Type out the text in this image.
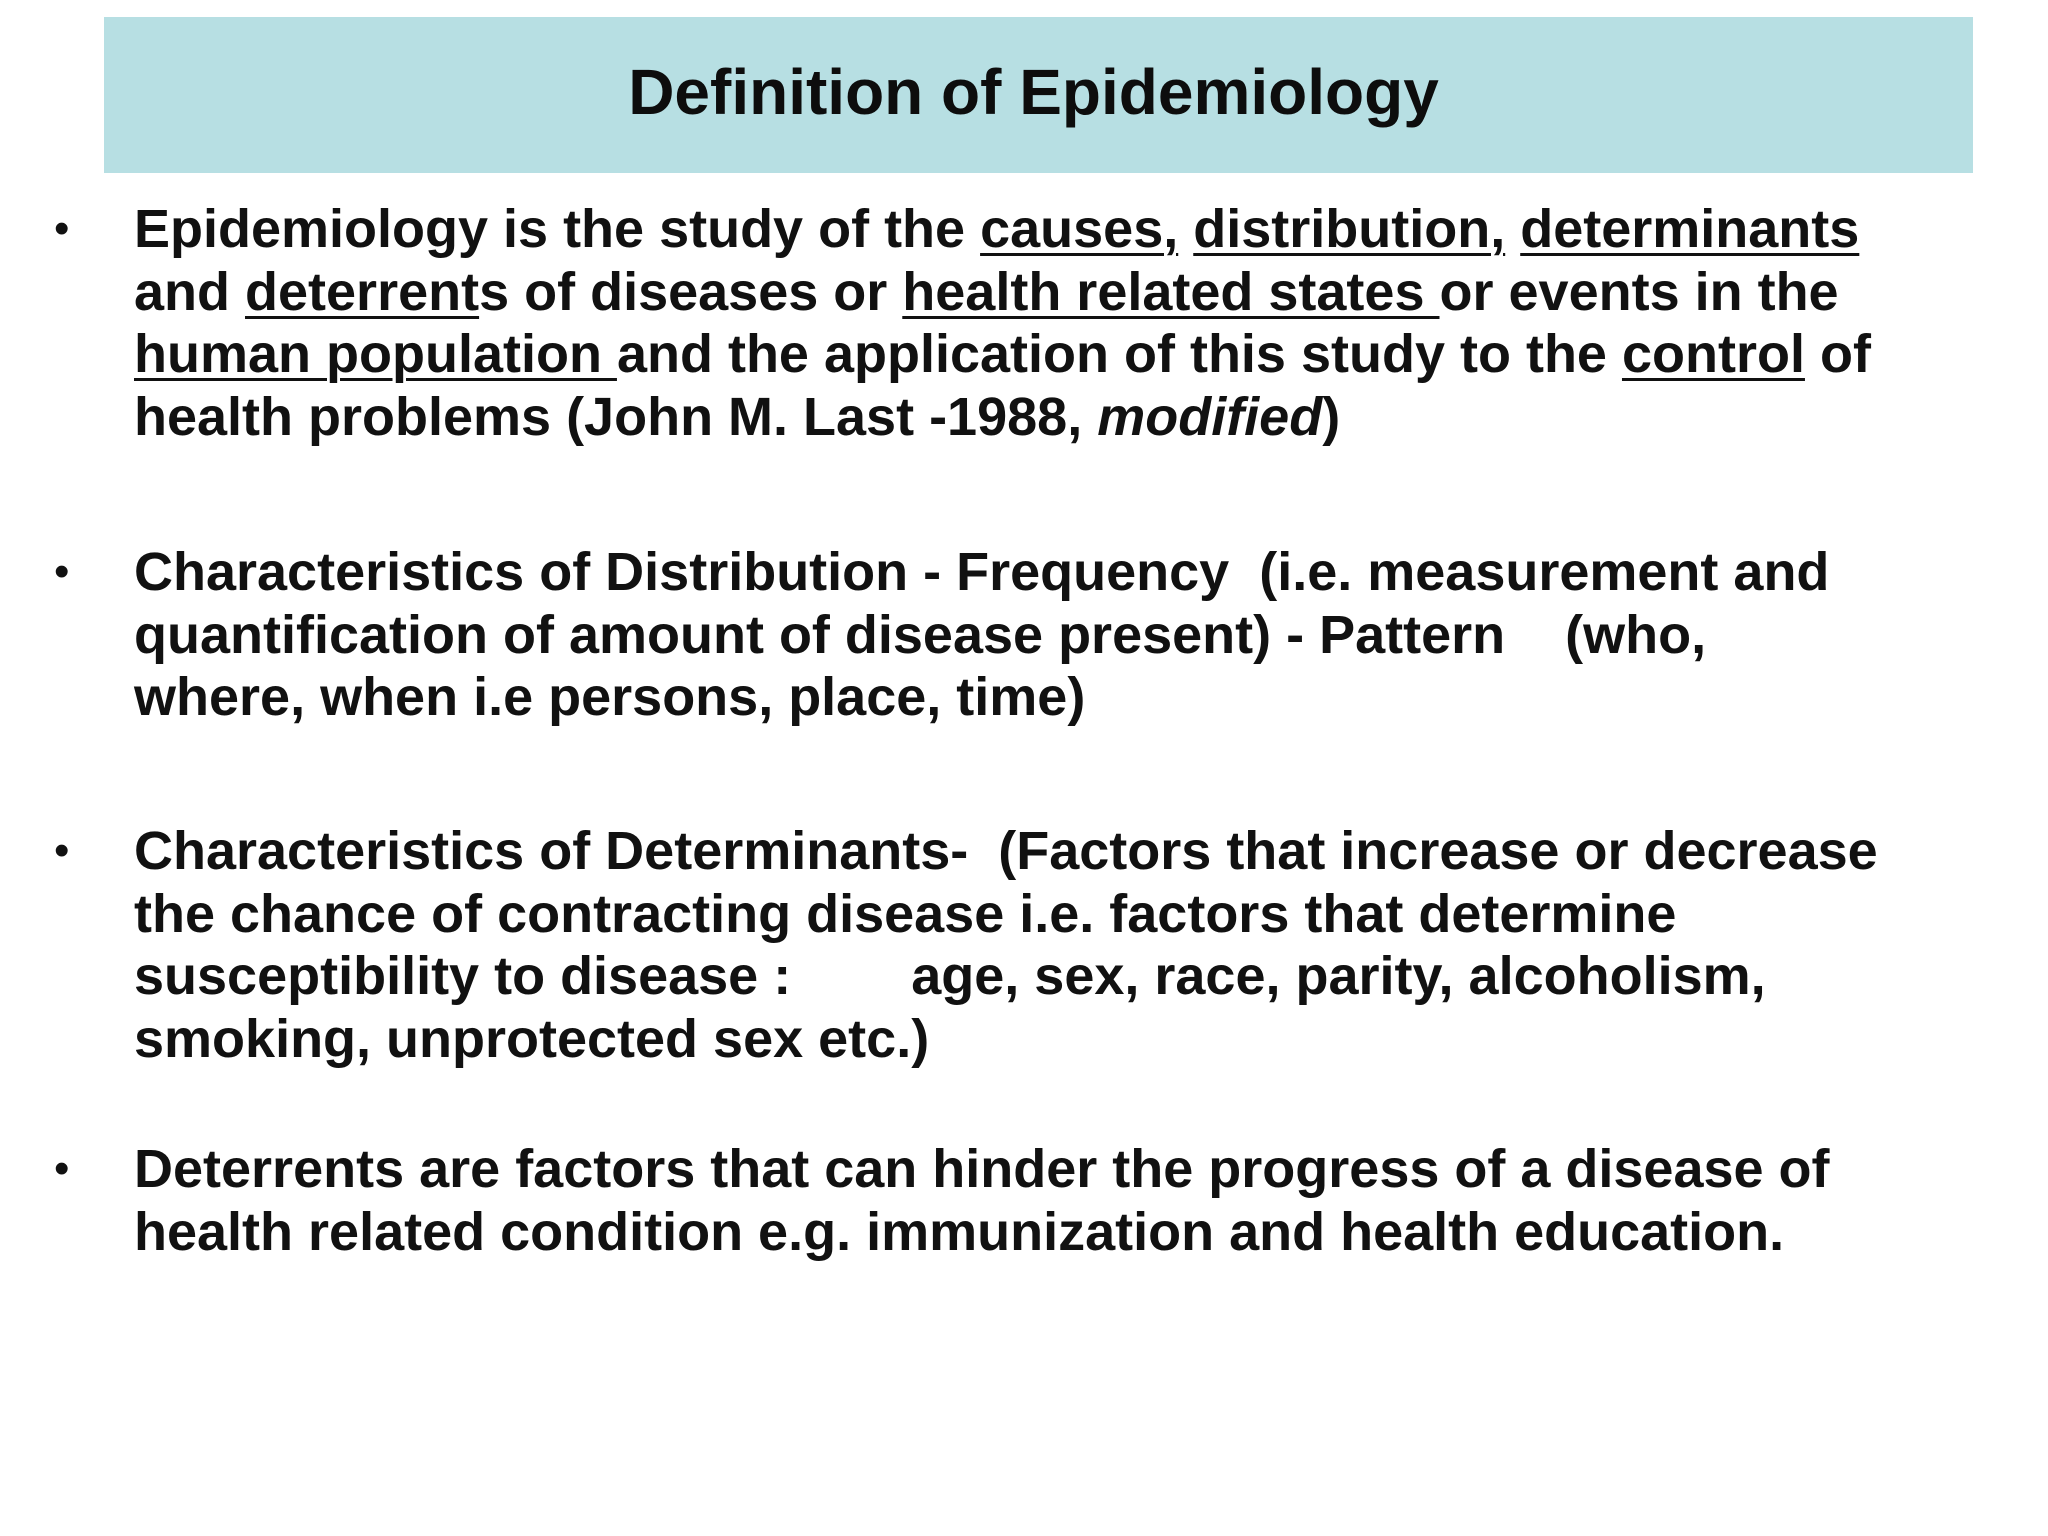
Definition of Epidemiology
• Epidemiology is the study of the causes, distribution, determinants
and deterrents of diseases or health related states or events in the
human population and the application of this study to the control of
health problems (John M. Last -1988, modified)
• Characteristics of Distribution - Frequency  (i.e. measurement and
quantification of amount of disease present) - Pattern    (who,
where, when i.e persons, place, time)
• Characteristics of Determinants-  (Factors that increase or decrease
the chance of contracting disease i.e. factors that determine
susceptibility to disease :        age, sex, race, parity, alcoholism,
smoking, unprotected sex etc.)
• Deterrents are factors that can hinder the progress of a disease of
health related condition e.g. immunization and health education.
